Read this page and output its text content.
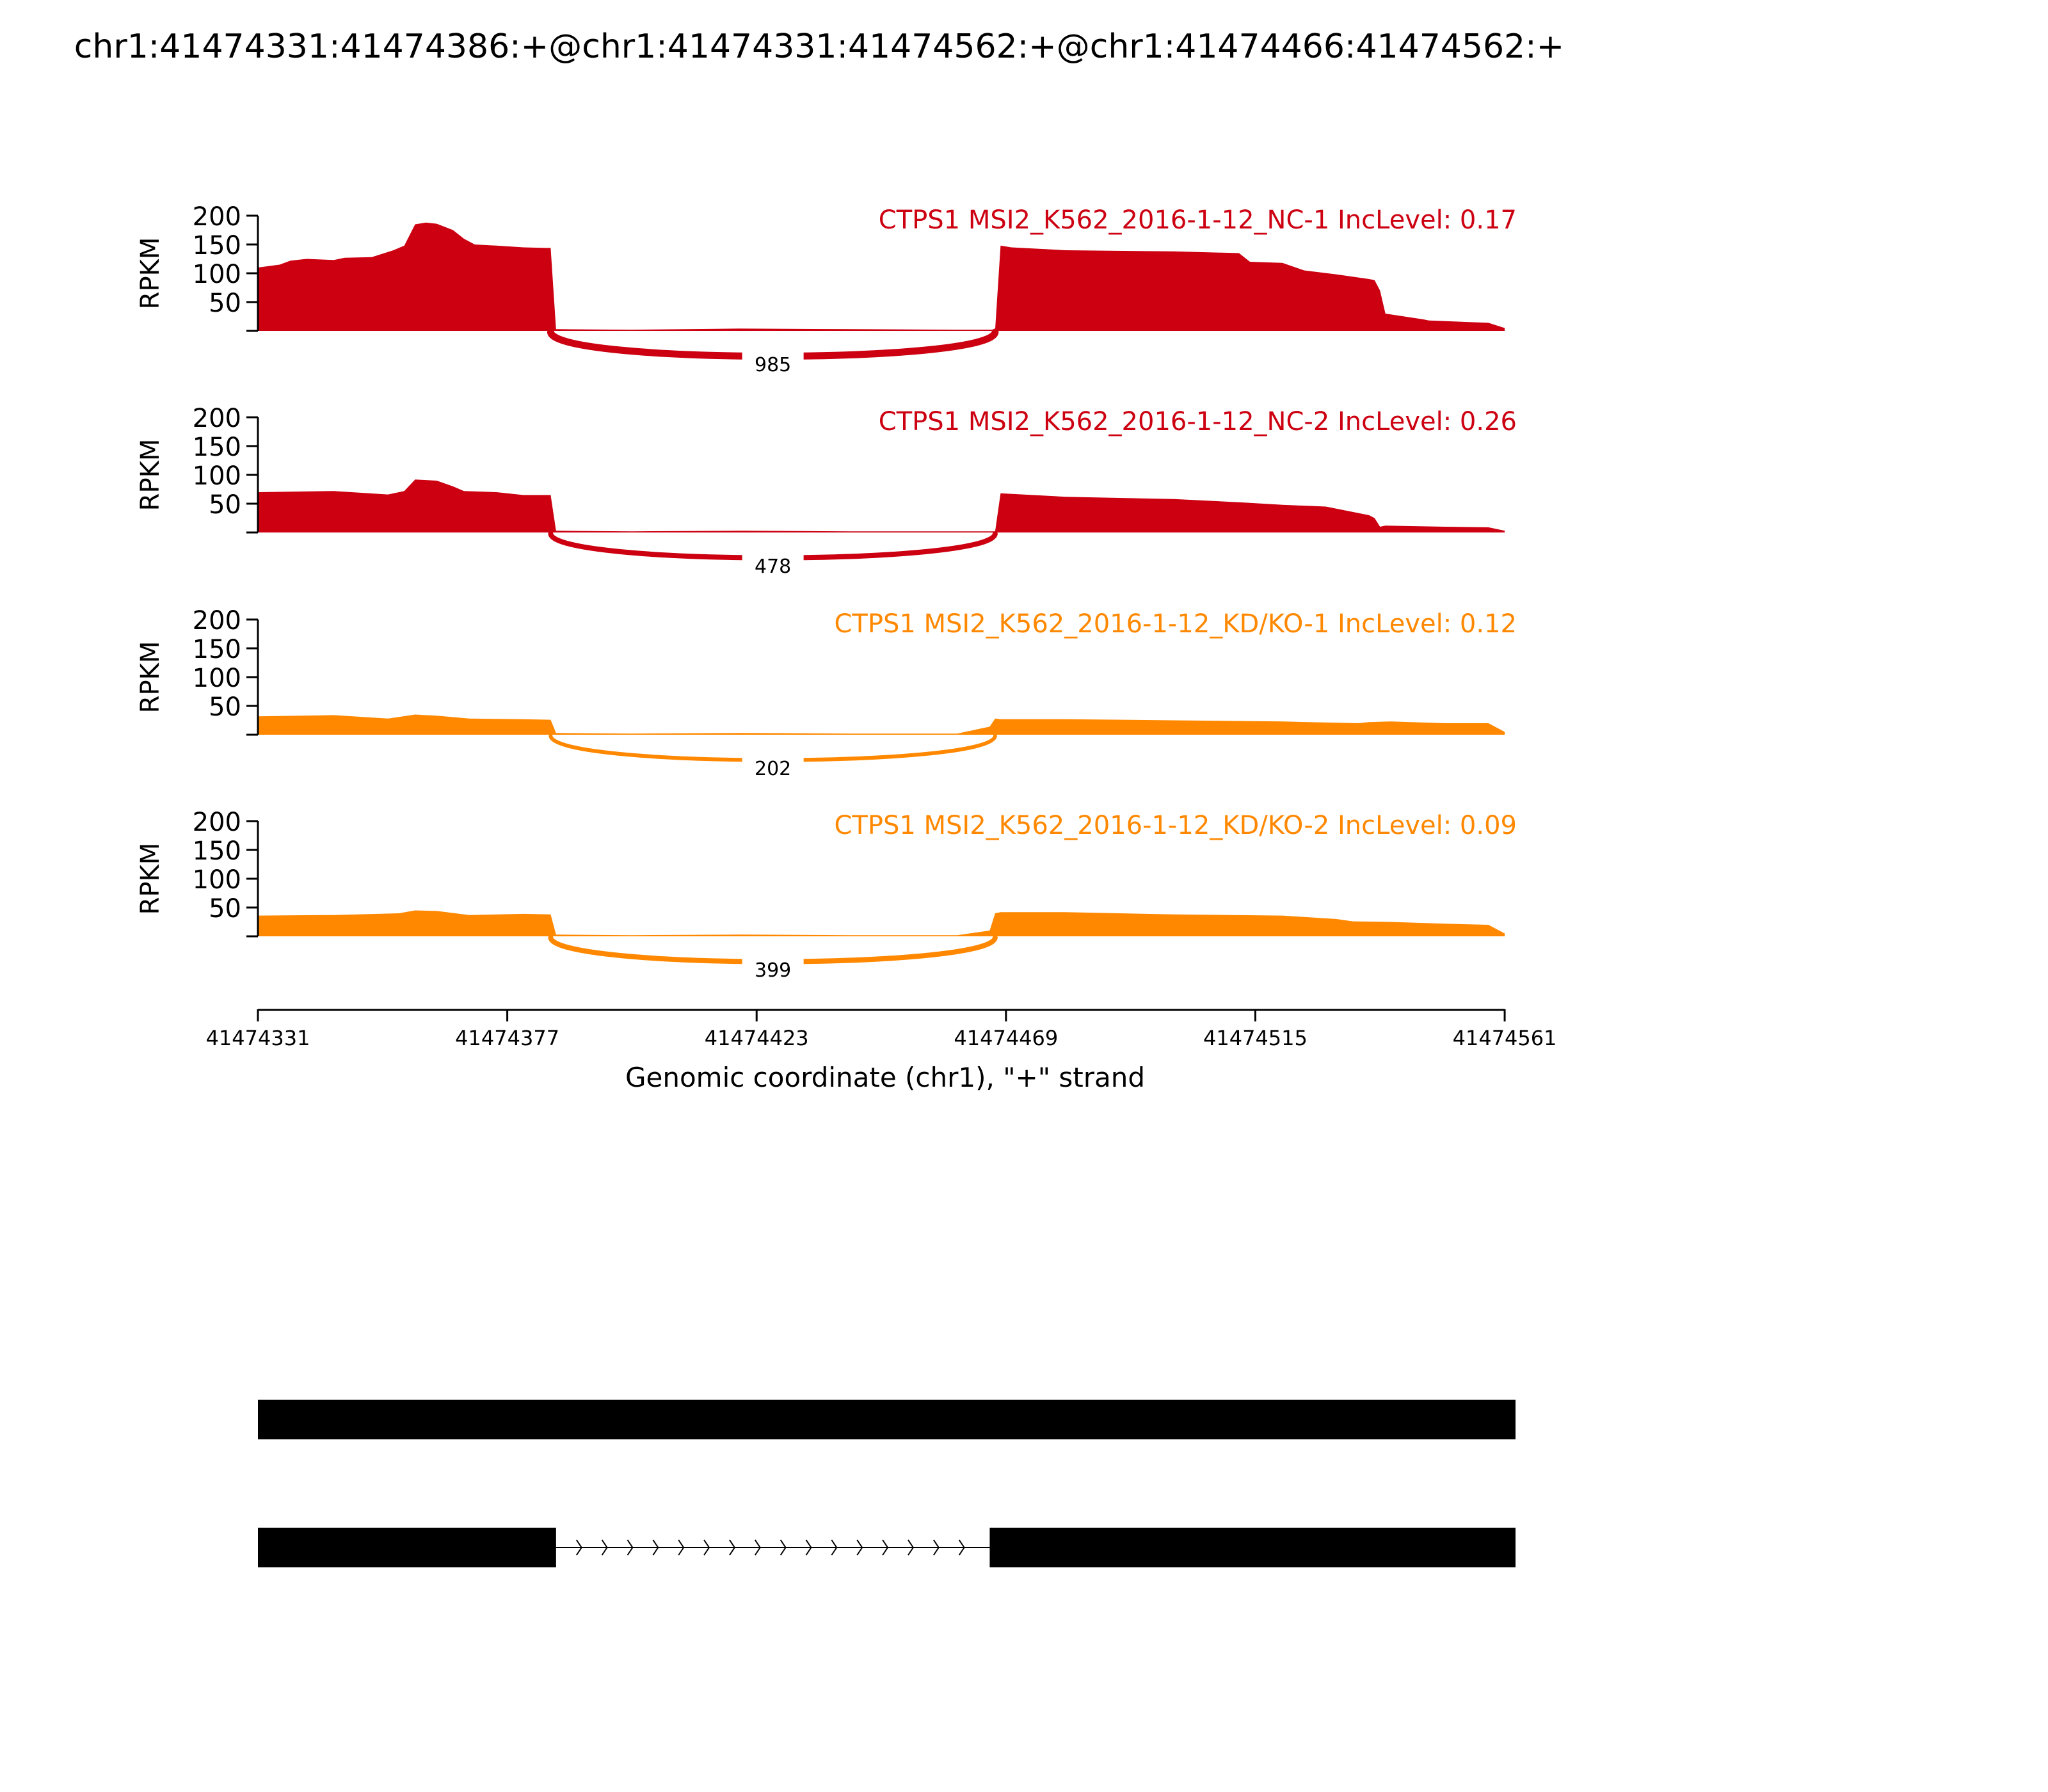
chr1:41474331:41474386:+@chr1:41474331:41474562:+@chr1:41474466:41474562:+
985
50
100
150
200
RPKM
CTPS1 MSI2_K562_2016-1-12_NC-1 IncLevel: 0.17
478
50
100
150
200
RPKM
CTPS1 MSI2_K562_2016-1-12_NC-2 IncLevel: 0.26
202
50
100
150
200
RPKM
CTPS1 MSI2_K562_2016-1-12_KD/KO-1 IncLevel: 0.12
399
50
100
150
200
RPKM
CTPS1 MSI2_K562_2016-1-12_KD/KO-2 IncLevel: 0.09
41474331	41474377	41474423	41474469	41474515	41474561
Genomic coordinate (chr1), "+" strand
